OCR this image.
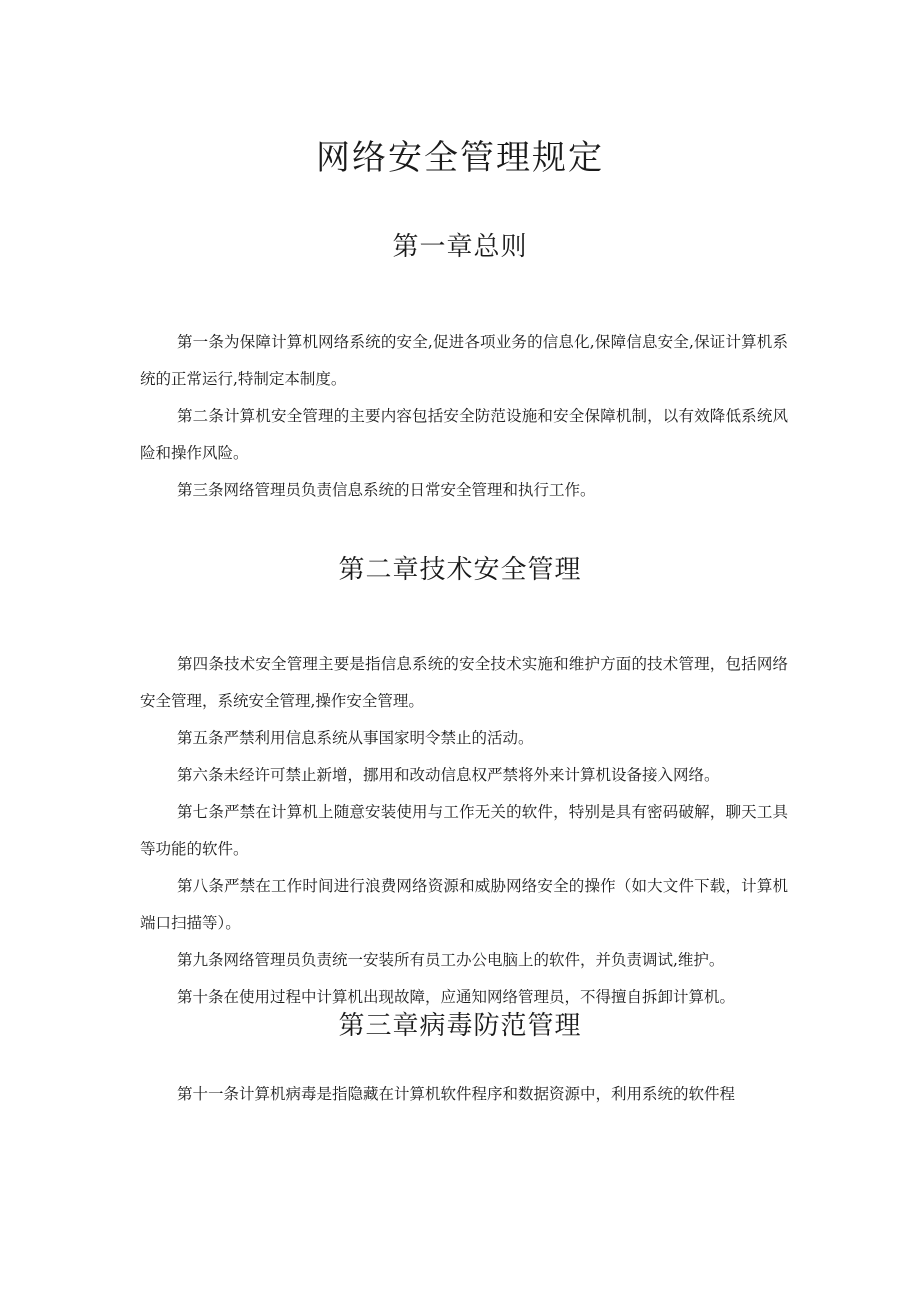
网络安全管理规定
第一章总则

第一条为保障计算机网络系统的安全,促进各项业务的信息化,保障信息安全,保证计算机系统的正常运行,特制定本制度。

第二条计算机安全管理的主要内容包括安全防范设施和安全保障机制，以有效降低系统风险和操作风险。

第三条网络管理员负责信息系统的日常安全管理和执行工作。

第二章技术安全管理

第四条技术安全管理主要是指信息系统的安全技术实施和维护方面的技术管理，包括网络安全管理，系统安全管理,操作安全管理。

第五条严禁利用信息系统从事国家明令禁止的活动。

第六条未经许可禁止新增，挪用和改动信息权严禁将外来计算机设备接入网络。

第七条严禁在计算机上随意安装使用与工作无关的软件，特别是具有密码破解，聊天工具等功能的软件。

第八条严禁在工作时间进行浪费网络资源和威胁网络安全的操作（如大文件下载，计算机端口扫描等）。

第九条网络管理员负责统一安装所有员工办公电脑上的软件，并负责调试,维护。

第十条在使用过程中计算机出现故障，应通知网络管理员，不得擅自拆卸计算机。

第三章病毒防范管理

第十一条计算机病毒是指隐藏在计算机软件程序和数据资源中，利用系统的软件程
